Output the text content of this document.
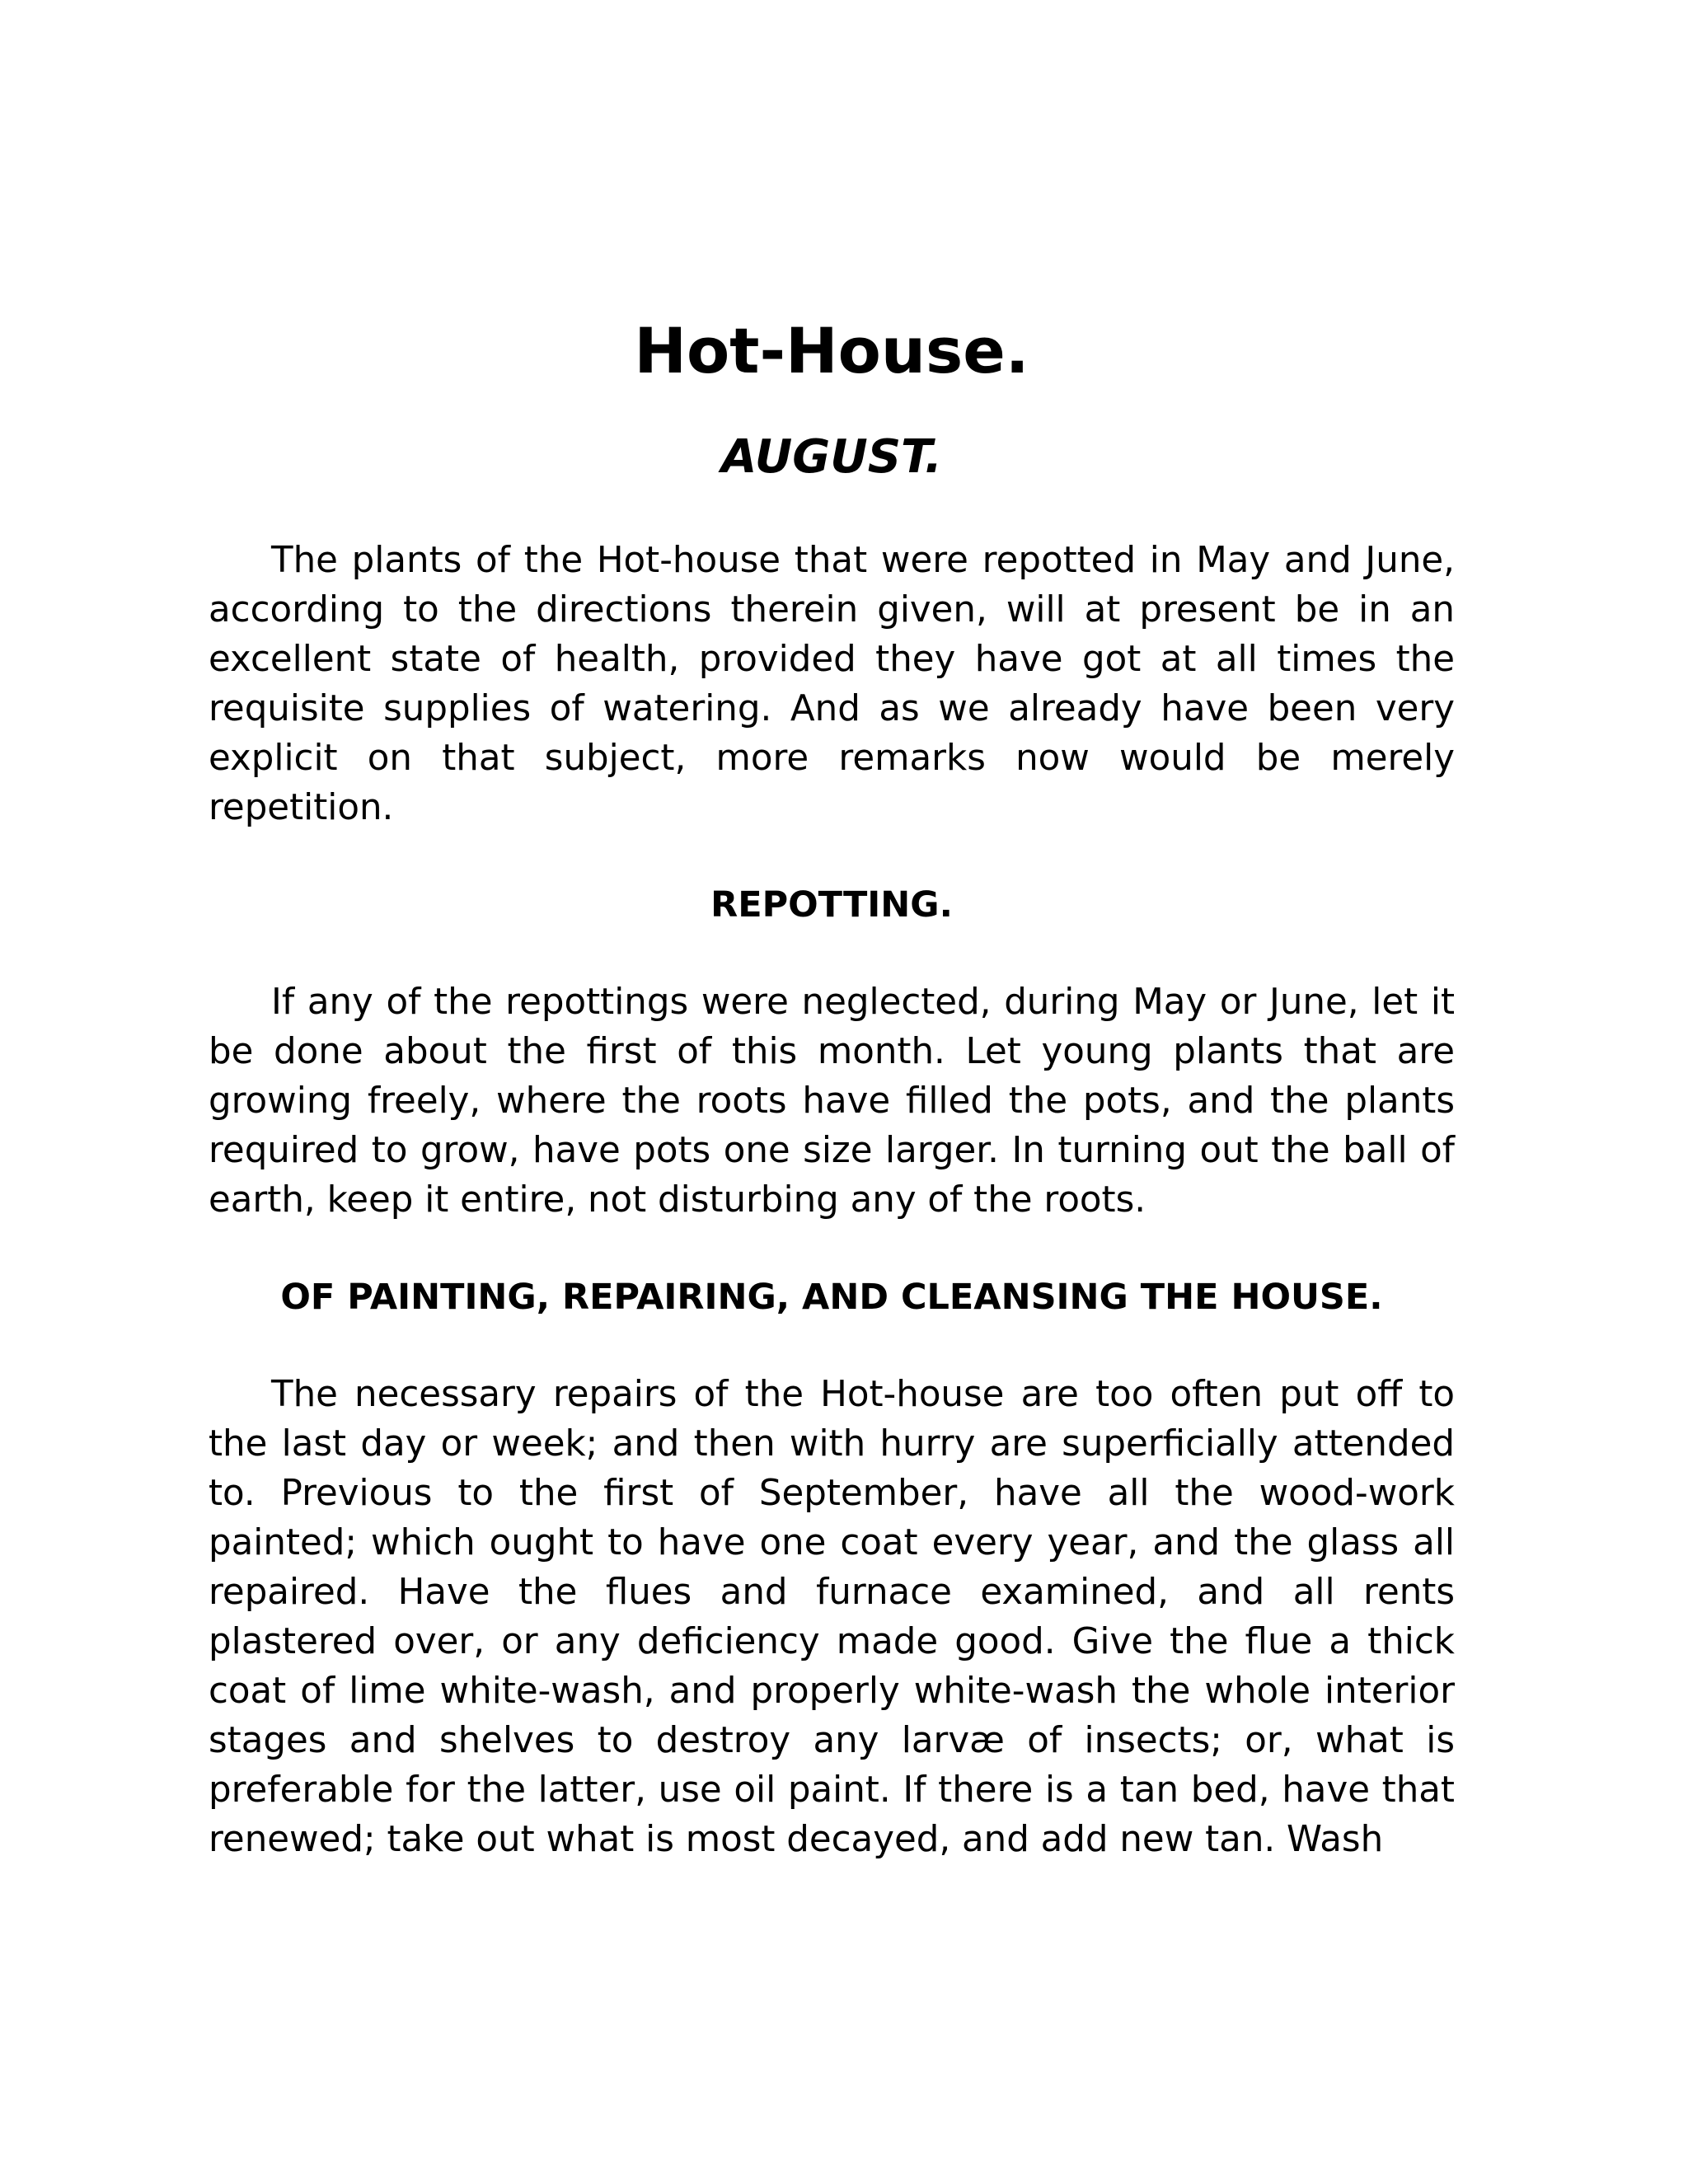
Hot-House.
AUGUST.

The plants of the Hot-house that were repotted in May and June, according to the directions therein given, will at present be in an excellent state of health, provided they have got at all times the requisite supplies of watering. And as we already have been very explicit on that subject, more remarks now would be merely repetition.

REPOTTING.

If any of the repottings were neglected, during May or June, let it be done about the first of this month. Let young plants that are growing freely, where the roots have filled the pots, and the plants required to grow, have pots one size larger. In turning out the ball of earth, keep it entire, not disturbing any of the roots.

OF PAINTING, REPAIRING, AND CLEANSING THE HOUSE.

The necessary repairs of the Hot-house are too often put off to the last day or week; and then with hurry are superficially attended to. Previous to the first of September, have all the wood-work painted; which ought to have one coat every year, and the glass all repaired. Have the flues and furnace examined, and all rents plastered over, or any deficiency made good. Give the flue a thick coat of lime white-wash, and properly white-wash the whole interior stages and shelves to destroy any larvæ of insects; or, what is preferable for the latter, use oil paint. If there is a tan bed, have that renewed; take out what is most decayed, and add new tan. Wash
